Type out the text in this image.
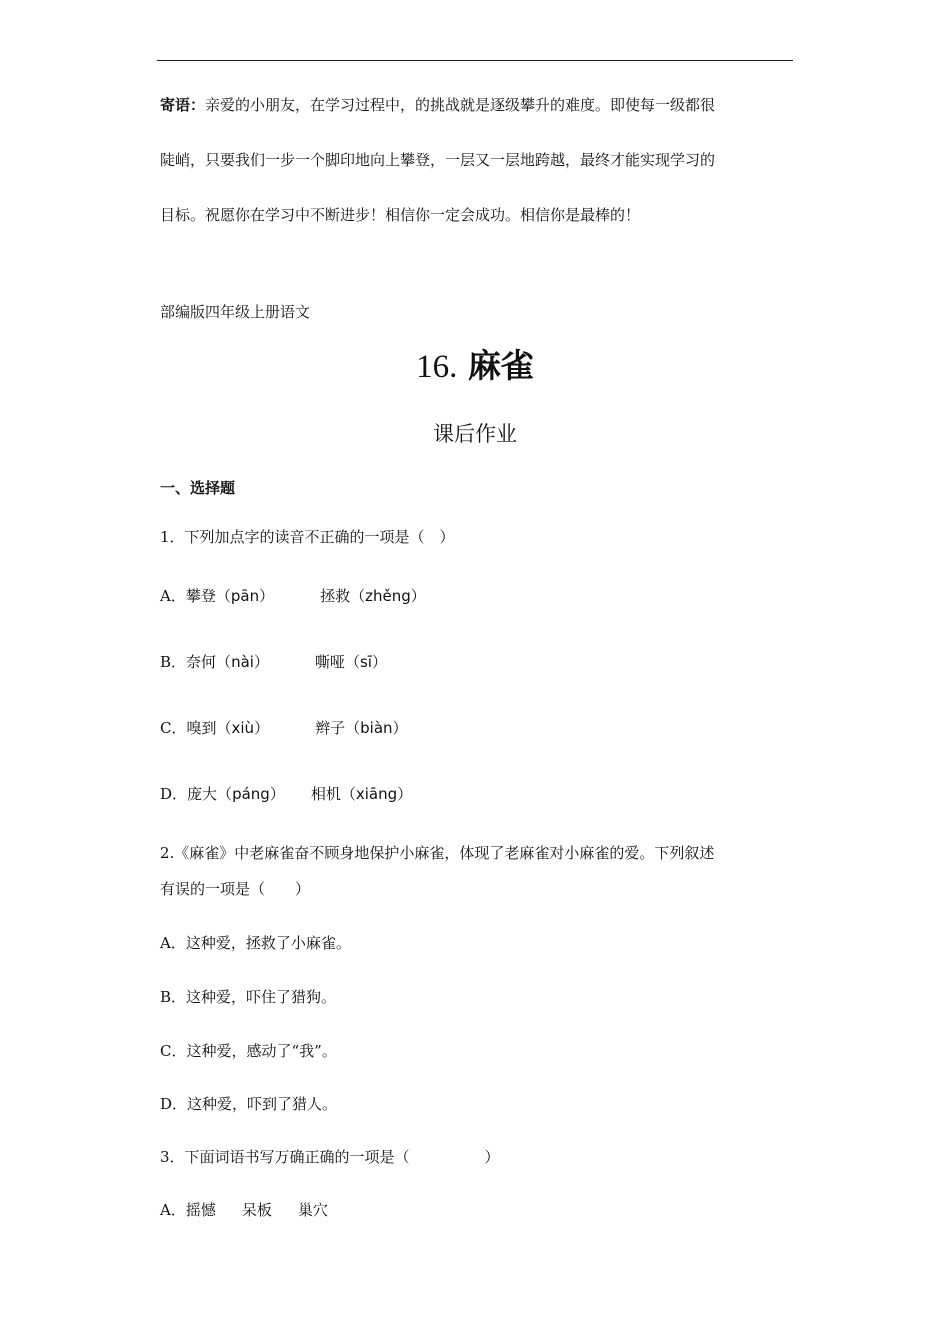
寄语：亲爱的小朋友，在学习过程中，的挑战就是逐级攀升的难度。即使每一级都很
陡峭，只要我们一步一个脚印地向上攀登，一层又一层地跨越，最终才能实现学习的
目标。祝愿你在学习中不断进步！相信你一定会成功。相信你是最棒的！
部编版四年级上册语文
16. 麻雀
课后作业
一、选择题
1．下列加点字的读音不正确的一项是（　）
A．攀登（pān）	拯救（zhěng）
B．奈何（nài）	嘶哑（sī）
C．嗅到（xiù）	辫子（biàn）
D．庞大（páng） 相机（xiāng）
2.《麻雀》中老麻雀奋不顾身地保护小麻雀，体现了老麻雀对小麻雀的爱。下列叙述
有误的一项是（　　）
A．这种爱，拯救了小麻雀。
B．这种爱，吓住了猎狗。
C．这种爱，感动了“我”。
D．这种爱，吓到了猎人。
3．下面词语书写万确正确的一项是（　　　　　）
A．摇憾 呆板 巢穴
